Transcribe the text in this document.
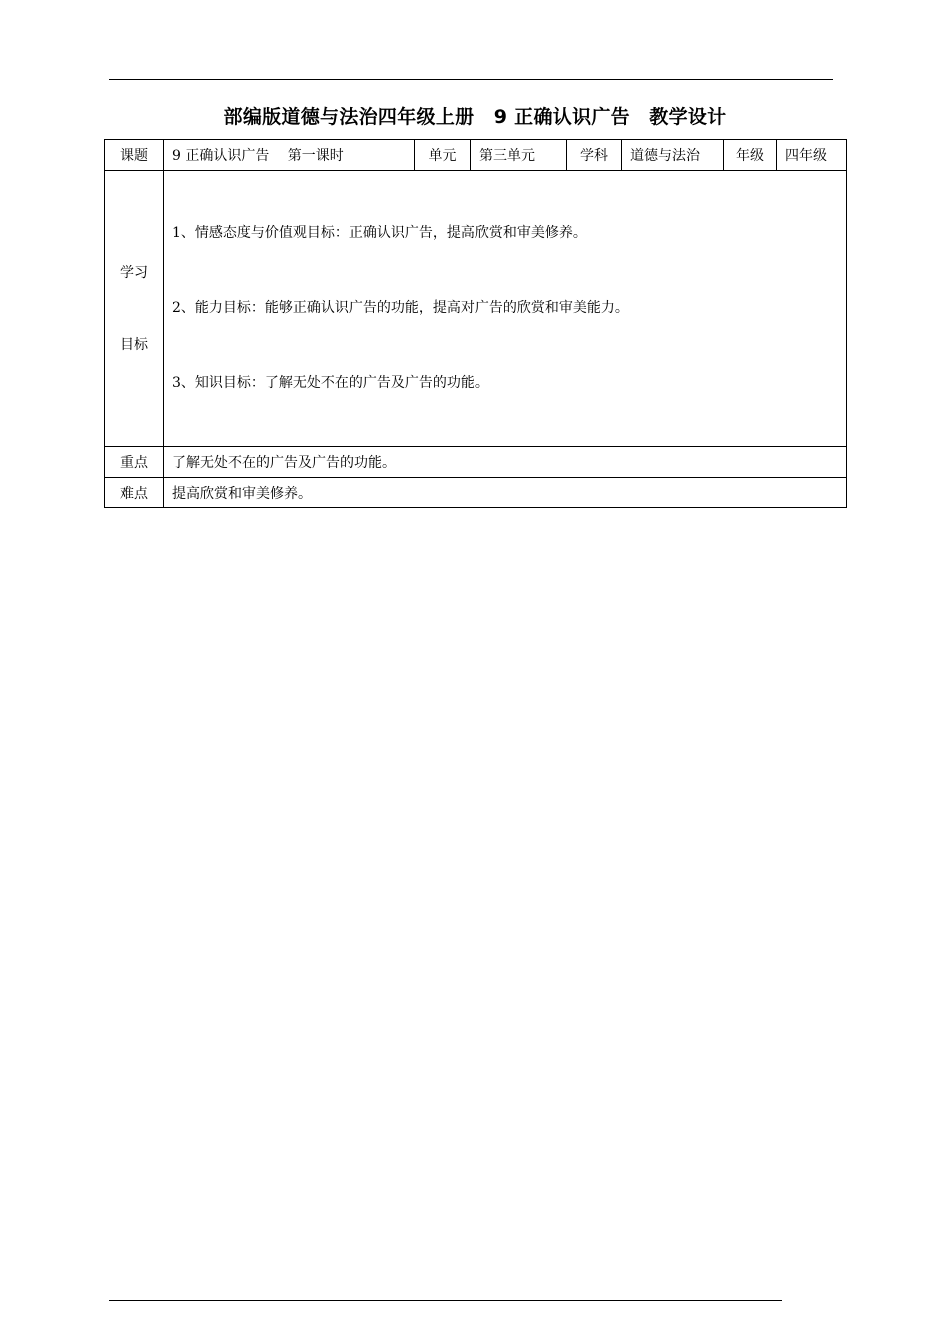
部编版道德与法治四年级上册　9 正确认识广告　教学设计
课题	9 正确认识广告　 第一课时	单元	第三单元	学科	道德与法治	年级	四年级

学习

目标	1、情感态度与价值观目标：正确认识广告，提高欣赏和审美修养。

2、能力目标：能够正确认识广告的功能，提高对广告的欣赏和审美能力。

3、知识目标：了解无处不在的广告及广告的功能。						

重点	了解无处不在的广告及广告的功能。						
难点	提高欣赏和审美修养。						
